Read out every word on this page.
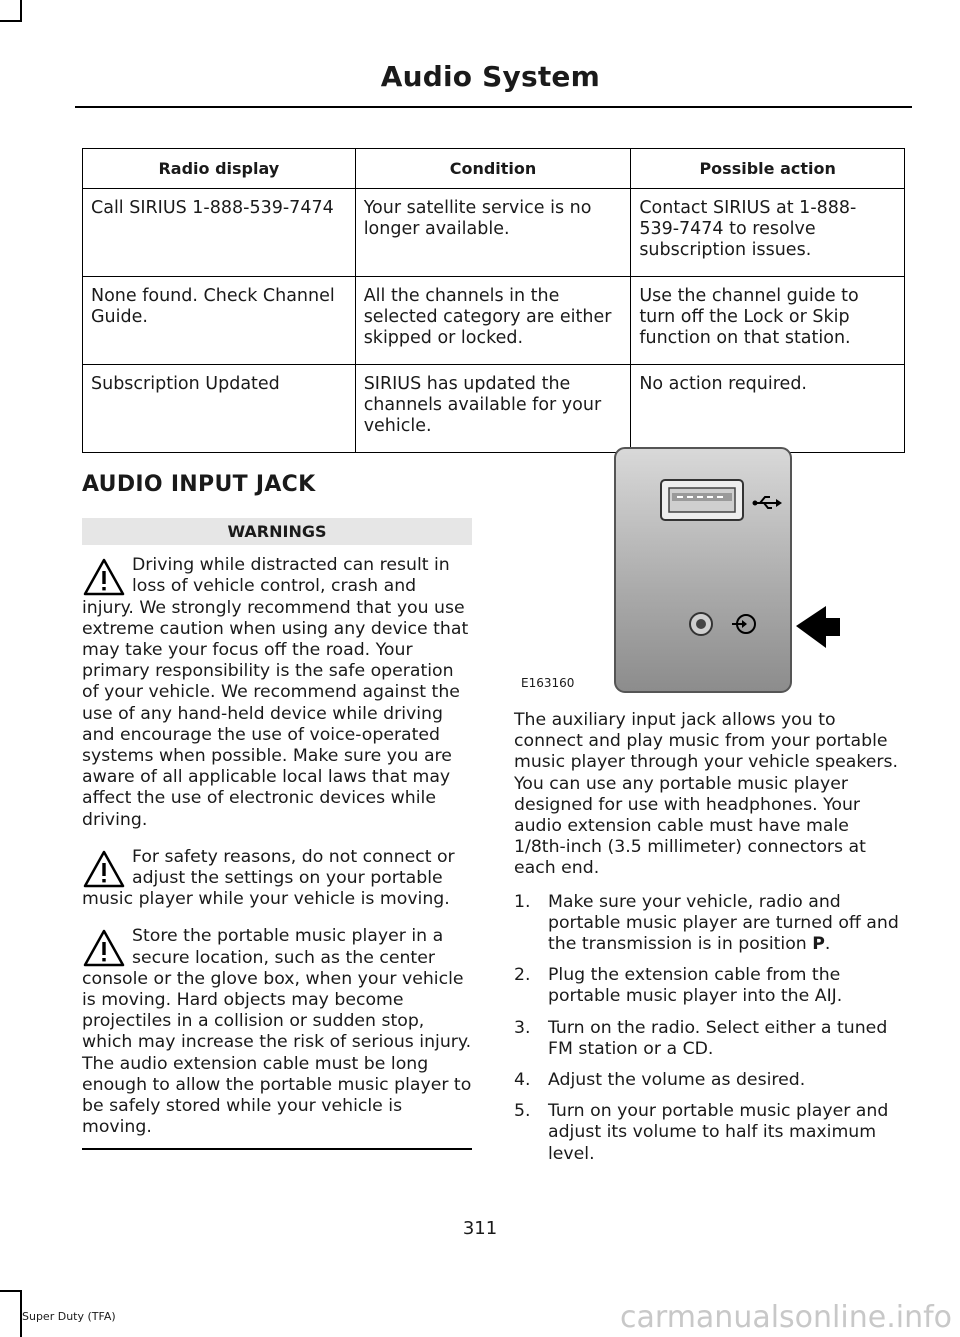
Audio System
Radio display	Condition	Possible action
Call SIRIUS 1-888-539-7474	Your satellite service is no longer available.	Contact SIRIUS at 1-888-539-7474 to resolve subscription issues.
None found. Check Channel Guide.	All the channels in the selected category are either skipped or locked.	Use the channel guide to turn off the Lock or Skip function on that station.
Subscription Updated	SIRIUS has updated the channels available for your vehicle.	No action required.
AUDIO INPUT JACK
WARNINGS
Driving while distracted can result in loss of vehicle control, crash and injury. We strongly recommend that you use extreme caution when using any device that may take your focus off the road. Your primary responsibility is the safe operation of your vehicle. We recommend against the use of any hand-held device while driving and encourage the use of voice-operated systems when possible. Make sure you are aware of all applicable local laws that may affect the use of electronic devices while driving.
For safety reasons, do not connect or adjust the settings on your portable music player while your vehicle is moving.
Store the portable music player in a secure location, such as the center console or the glove box, when your vehicle is moving. Hard objects may become projectiles in a collision or sudden stop, which may increase the risk of serious injury. The audio extension cable must be long enough to allow the portable music player to be safely stored while your vehicle is moving.
E163160

The auxiliary input jack allows you to connect and play music from your portable music player through your vehicle speakers. You can use any portable music player designed for use with headphones. Your audio extension cable must have male 1/8th-inch (3.5 millimeter) connectors at each end.

1. Make sure your vehicle, radio and portable music player are turned off and the transmission is in position P.
2. Plug the extension cable from the portable music player into the AIJ.
3. Turn on the radio. Select either a tuned FM station or a CD.
4. Adjust the volume as desired.
5. Turn on your portable music player and adjust its volume to half its maximum level.
311
Super Duty (TFA)	carmanualsonline.info
